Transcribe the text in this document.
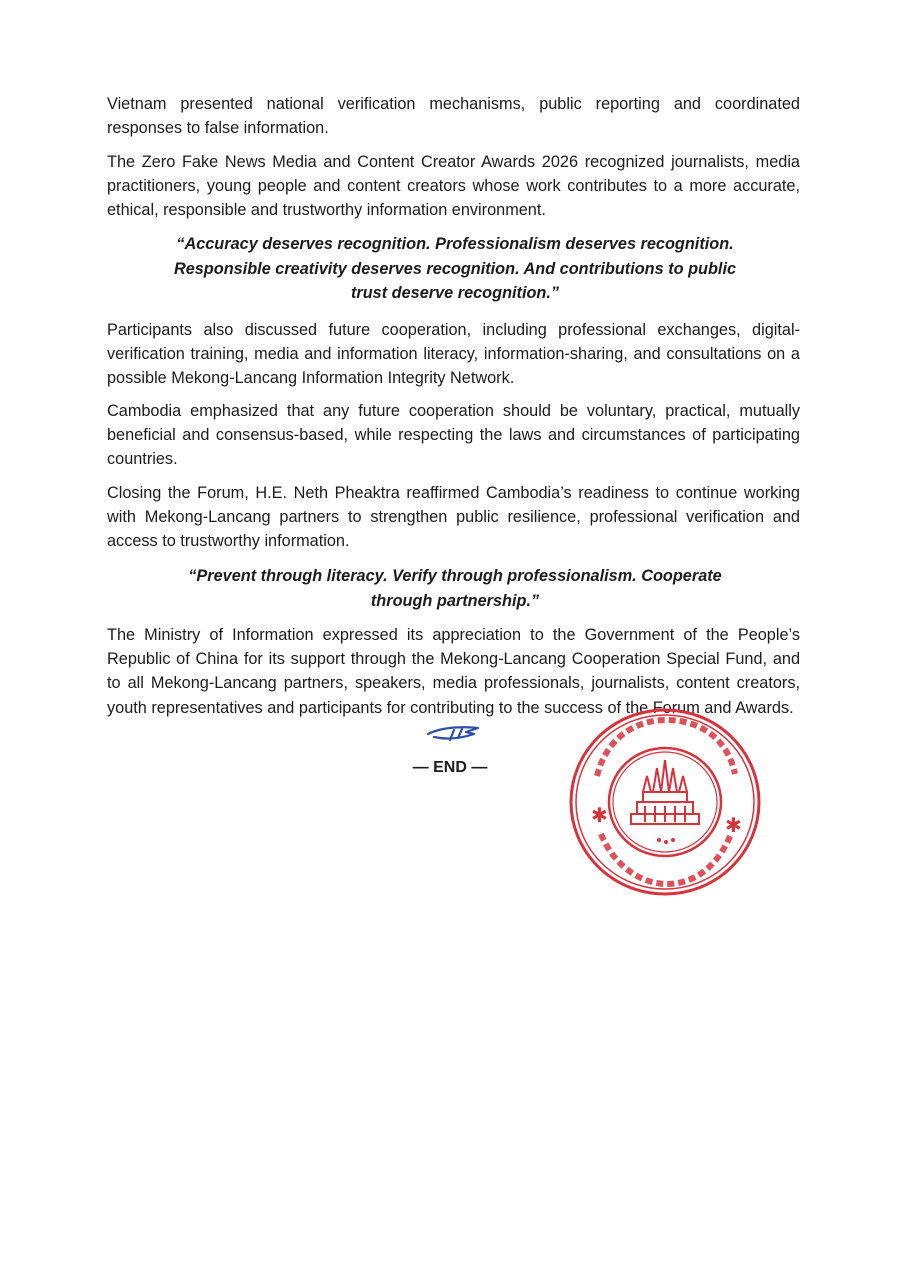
Vietnam presented national verification mechanisms, public reporting and coordinated responses to false information.

The Zero Fake News Media and Content Creator Awards 2026 recognized journalists, media practitioners, young people and content creators whose work contributes to a more accurate, ethical, responsible and trustworthy information environment.

“Accuracy deserves recognition. Professionalism deserves recognition. Responsible creativity deserves recognition. And contributions to public trust deserve recognition.”

Participants also discussed future cooperation, including professional exchanges, digital-verification training, media and information literacy, information-sharing, and consultations on a possible Mekong-Lancang Information Integrity Network.

Cambodia emphasized that any future cooperation should be voluntary, practical, mutually beneficial and consensus-based, while respecting the laws and circumstances of participating countries.

Closing the Forum, H.E. Neth Pheaktra reaffirmed Cambodia’s readiness to continue working with Mekong-Lancang partners to strengthen public resilience, professional verification and access to trustworthy information.

“Prevent through literacy. Verify through professionalism. Cooperate through partnership.”

The Ministry of Information expressed its appreciation to the Government of the People’s Republic of China for its support through the Mekong-Lancang Cooperation Special Fund, and to all Mekong-Lancang partners, speakers, media professionals, journalists, content creators, youth representatives and participants for contributing to the success of the Forum and Awards.

— END —
✱	✱
